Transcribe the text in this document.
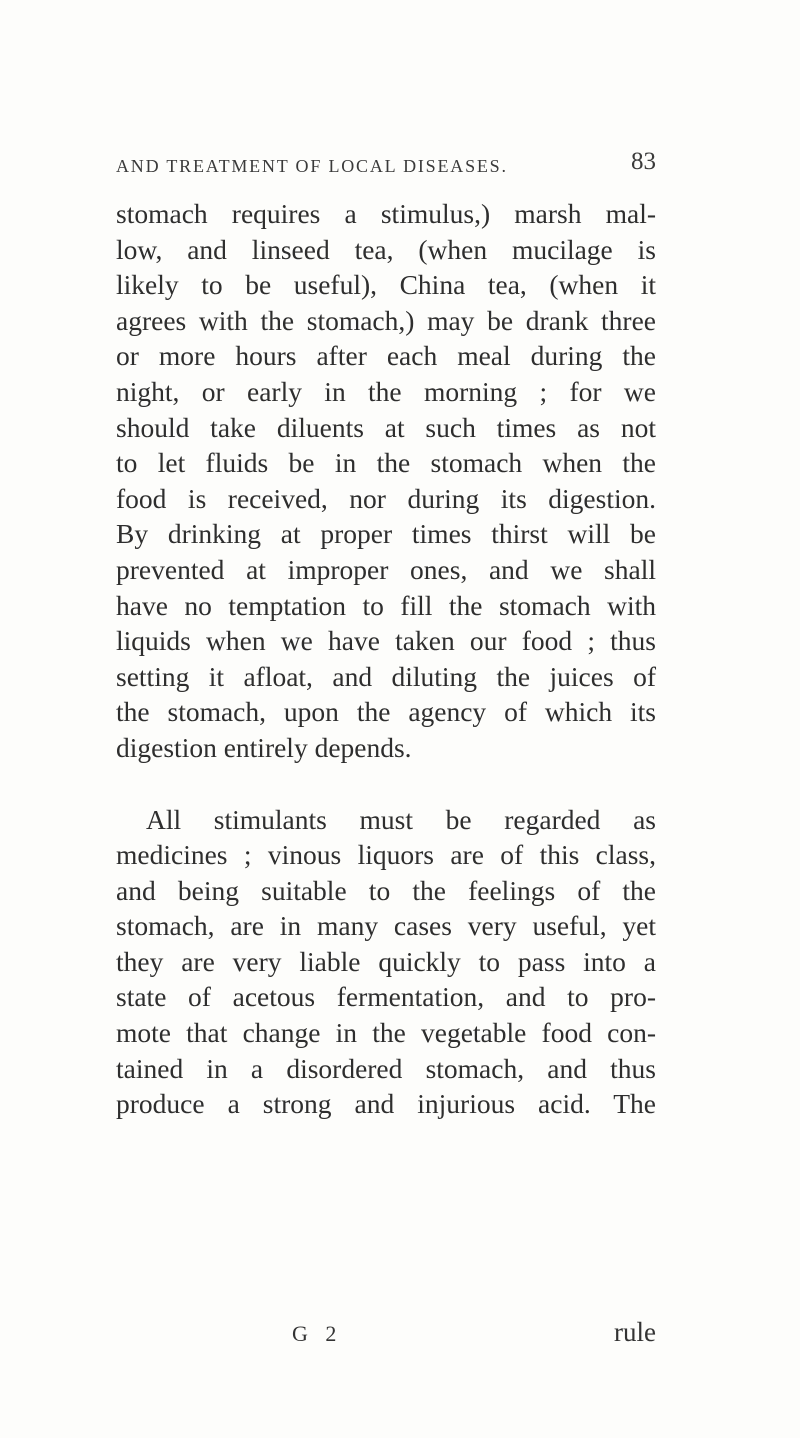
AND TREATMENT OF LOCAL DISEASES.	83
stomach requires a stimulus,) marsh mal-
low, and linseed tea, (when mucilage is
likely to be useful), China tea, (when it
agrees with the stomach,) may be drank three
or more hours after each meal during the
night, or early in the morning ; for we
should take diluents at such times as not
to let fluids be in the stomach when the
food is received, nor during its digestion.
By drinking at proper times thirst will be
prevented at improper ones, and we shall
have no temptation to fill the stomach with
liquids when we have taken our food ; thus
setting it afloat, and diluting the juices of
the stomach, upon the agency of which its
digestion entirely depends.
All stimulants must be regarded as
medicines ; vinous liquors are of this class,
and being suitable to the feelings of the
stomach, are in many cases very useful, yet
they are very liable quickly to pass into a
state of acetous fermentation, and to pro-
mote that change in the vegetable food con-
tained in a disordered stomach, and thus
produce a strong and injurious acid. The
G 2	rule
